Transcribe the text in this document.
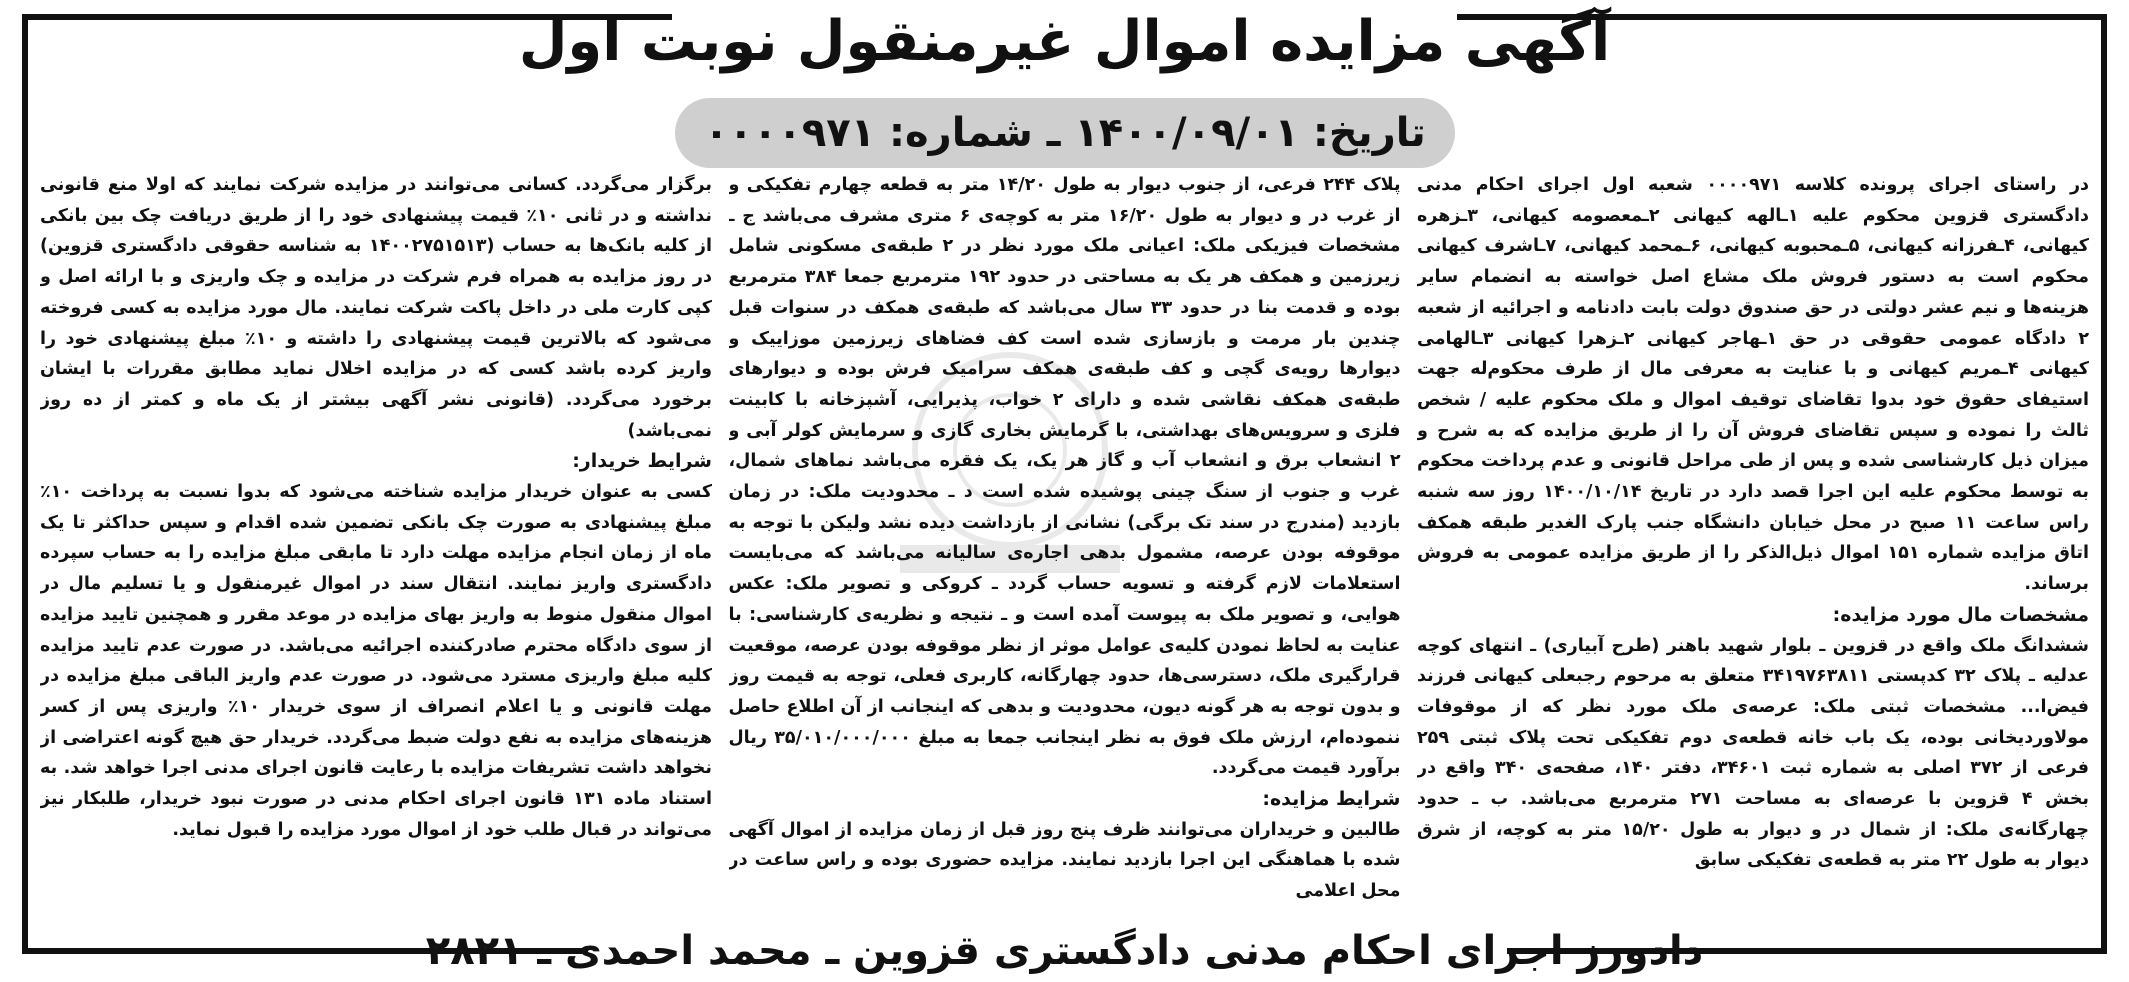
آگهی مزایده اموال غیرمنقول نوبت اول
تاریخ: ۱۴۰۰/۰۹/۰۱ ـ شماره: ۰۰۰۰۹۷۱

در راستای اجرای پرونده کلاسه ۰۰۰۰۹۷۱ شعبه اول اجرای احکام مدنی دادگستری قزوین محکوم علیه ۱ـالهه کیهانی ۲ـمعصومه کیهانی، ۳ـزهره کیهانی، ۴ـفرزانه کیهانی، ۵ـمحبوبه کیهانی، ۶ـمحمد کیهانی، ۷ـاشرف کیهانی محکوم است به دستور فروش ملک مشاع اصل خواسته به انضمام سایر هزینه‌ها و نیم عشر دولتی در حق صندوق دولت بابت دادنامه و اجرائیه از شعبه ۲ دادگاه عمومی حقوقی در حق ۱ـهاجر کیهانی ۲ـزهرا کیهانی ۳ـالهامی کیهانی ۴ـمریم کیهانی و با عنایت به معرفی مال از طرف محکوم‌له جهت استیفای حقوق خود بدوا تقاضای توقیف اموال و ملک محکوم علیه / شخص ثالث را نموده و سپس تقاضای فروش آن را از طریق مزایده که به شرح و میزان ذیل کارشناسی شده و پس از طی مراحل قانونی و عدم پرداخت محکوم به توسط محکوم علیه این اجرا قصد دارد در تاریخ ۱۴۰۰/۱۰/۱۴ روز سه شنبه راس ساعت ۱۱ صبح در محل خیابان دانشگاه جنب پارک الغدیر طبقه همکف اتاق مزایده شماره ۱۵۱ اموال ذیل‌الذکر را از طریق مزایده عمومی به فروش برساند.

مشخصات مال مورد مزایده:

ششدانگ ملک واقع در قزوین ـ بلوار شهید باهنر (طرح آبیاری) ـ انتهای کوچه عدلیه ـ پلاک ۳۲ کدپستی ۳۴۱۹۷۶۳۸۱۱ متعلق به مرحوم رجبعلی کیهانی فرزند فیض‌ا... مشخصات ثبتی ملک: عرصه‌ی ملک مورد نظر که از موقوفات مولاوردیخانی بوده، یک باب خانه قطعه‌ی دوم تفکیکی تحت پلاک ثبتی ۲۵۹ فرعی از ۳۷۲ اصلی به شماره ثبت ۳۴۶۰۱، دفتر ۱۴۰، صفحه‌ی ۳۴۰ واقع در بخش ۴ قزوین با عرصه‌ای به مساحت ۲۷۱ مترمربع می‌باشد. ب ـ حدود چهارگانه‌ی ملک: از شمال در و دیوار به طول ۱۵/۲۰ متر به کوچه، از شرق دیوار به طول ۲۲ متر به قطعه‌ی تفکیکی سابق

پلاک ۲۴۴ فرعی، از جنوب دیوار به طول ۱۴/۲۰ متر به قطعه چهارم تفکیکی و از غرب در و دیوار به طول ۱۶/۲۰ متر به کوچه‌ی ۶ متری مشرف می‌باشد ج ـ مشخصات فیزیکی ملک: اعیانی ملک مورد نظر در ۲ طبقه‌ی مسکونی شامل زیرزمین و همکف هر یک به مساحتی در حدود ۱۹۲ مترمربع جمعا ۳۸۴ مترمربع بوده و قدمت بنا در حدود ۳۳ سال می‌باشد که طبقه‌ی همکف در سنوات قبل چندین بار مرمت و بازسازی شده است کف فضاهای زیرزمین موزاییک و دیوارها رویه‌ی گچی و کف طبقه‌ی همکف سرامیک فرش بوده و دیوارهای طبقه‌ی همکف نقاشی شده و دارای ۲ خواب، پذیرایی، آشپزخانه با کابینت فلزی و سرویس‌های بهداشتی، با گرمایش بخاری گازی و سرمایش کولر آبی و ۲ انشعاب برق و انشعاب آب و گاز هر یک، یک فقره می‌باشد نماهای شمال، غرب و جنوب از سنگ چینی پوشیده شده است د ـ محدودیت ملک: در زمان بازدید (مندرج در سند تک برگی) نشانی از بازداشت دیده نشد ولیکن با توجه به موقوفه بودن عرصه، مشمول بدهی اجاره‌ی سالیانه می‌باشد که می‌بایست استعلامات لازم گرفته و تسویه حساب گردد ـ کروکی و تصویر ملک: عکس هوایی، و تصویر ملک به پیوست آمده است و ـ نتیجه و نظریه‌ی کارشناسی: با عنایت به لحاظ نمودن کلیه‌ی عوامل موثر از نظر موقوفه بودن عرصه، موقعیت قرارگیری ملک، دسترسی‌ها، حدود چهارگانه، کاربری فعلی، توجه به قیمت روز و بدون توجه به هر گونه دیون، محدودیت و بدهی که اینجانب از آن اطلاع حاصل ننموده‌ام، ارزش ملک فوق به نظر اینجانب جمعا به مبلغ ۳۵/۰۱۰/۰۰۰/۰۰۰ ریال برآورد قیمت می‌گردد.

شرایط مزایده:

طالبین و خریداران می‌توانند ظرف پنج روز قبل از زمان مزایده از اموال آگهی شده با هماهنگی این اجرا بازدید نمایند. مزایده حضوری بوده و راس ساعت در محل اعلامی

برگزار می‌گردد. کسانی می‌توانند در مزایده شرکت نمایند که اولا منع قانونی نداشته و در ثانی ۱۰٪ قیمت پیشنهادی خود را از طریق دریافت چک بین بانکی از کلیه بانک‌ها به حساب (۱۴۰۰۲۷۵۱۵۱۳ به شناسه حقوقی دادگستری قزوین) در روز مزایده به همراه فرم شرکت در مزایده و چک واریزی و با ارائه اصل و کپی کارت ملی در داخل پاکت شرکت نمایند. مال مورد مزایده به کسی فروخته می‌شود که بالاترین قیمت پیشنهادی را داشته و ۱۰٪ مبلغ پیشنهادی خود را واریز کرده باشد کسی که در مزایده اخلال نماید مطابق مقررات با ایشان برخورد می‌گردد. (قانونی نشر آگهی بیشتر از یک ماه و کمتر از ده روز نمی‌باشد)

شرایط خریدار:

کسی به عنوان خریدار مزایده شناخته می‌شود که بدوا نسبت به پرداخت ۱۰٪ مبلغ پیشنهادی به صورت چک بانکی تضمین شده اقدام و سپس حداکثر تا یک ماه از زمان انجام مزایده مهلت دارد تا مابقی مبلغ مزایده را به حساب سپرده دادگستری واریز نمایند. انتقال سند در اموال غیرمنقول و یا تسلیم مال در اموال منقول منوط به واریز بهای مزایده در موعد مقرر و همچنین تایید مزایده از سوی دادگاه محترم صادرکننده اجرائیه می‌باشد. در صورت عدم تایید مزایده کلیه مبلغ واریزی مسترد می‌شود. در صورت عدم واریز الباقی مبلغ مزایده در مهلت قانونی و یا اعلام انصراف از سوی خریدار ۱۰٪ واریزی پس از کسر هزینه‌های مزایده به نفع دولت ضبط می‌گردد. خریدار حق هیچ گونه اعتراضی از نخواهد داشت تشریفات مزایده با رعایت قانون اجرای مدنی اجرا خواهد شد. به استناد ماده ۱۳۱ قانون اجرای احکام مدنی در صورت نبود خریدار، طلبکار نیز می‌تواند در قبال طلب خود از اموال مورد مزایده را قبول نماید.

دادورز اجرای احکام مدنی دادگستری قزوین ـ محمد احمدی ـ ۲۸۲۱
